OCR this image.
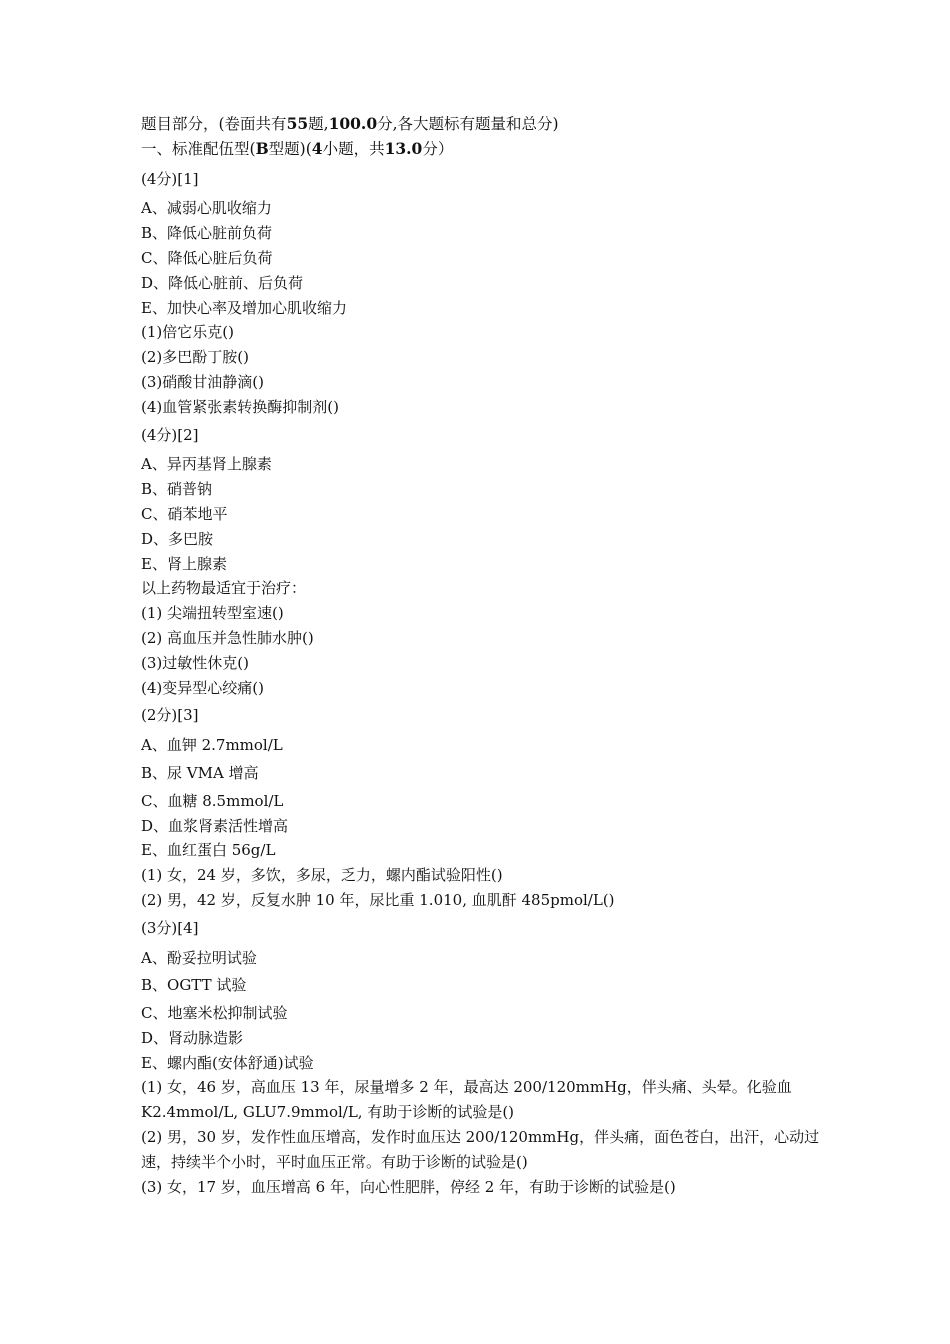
题目部分，(卷面共有55题,100.0分,各大题标有题量和总分)
一、标准配伍型(B型题)(4小题，共13.0分）
(4分)[1]
A、减弱心肌收缩力
B、降低心脏前负荷
C、降低心脏后负荷
D、降低心脏前、后负荷
E、加快心率及增加心肌收缩力
(1)倍它乐克()
(2)多巴酚丁胺()
(3)硝酸甘油静滴()
(4)血管紧张素转换酶抑制剂()
(4分)[2]
A、异丙基肾上腺素
B、硝普钠
C、硝苯地平
D、多巴胺
E、肾上腺素
以上药物最适宜于治疗：
(1) 尖端扭转型室速()
(2) 高血压并急性肺水肿()
(3)过敏性休克()
(4)变异型心绞痛()
(2分)[3]
A、血钾 2.7mmol/L
B、尿 VMA 增高
C、血糖 8.5mmol/L
D、血浆肾素活性增高
E、血红蛋白 56g/L
(1) 女，24 岁，多饮，多尿，乏力，螺内酯试验阳性()
(2) 男，42 岁，反复水肿 10 年，尿比重 1.010, 血肌酐 485pmol/L()
(3分)[4]
A、酚妥拉明试验
B、OGTT 试验
C、地塞米松抑制试验
D、肾动脉造影
E、螺内酯(安体舒通)试验
(1) 女，46 岁，高血压 13 年，尿量增多 2 年，最高达 200/120mmHg，伴头痛、头晕。化验血 K2.4mmol/L, GLU7.9mmol/L, 有助于诊断的试验是()
(2) 男，30 岁，发作性血压增高，发作时血压达 200/120mmHg，伴头痛，面色苍白，出汗，心动过速，持续半个小时，平时血压正常。有助于诊断的试验是()
(3) 女，17 岁，血压增高 6 年，向心性肥胖，停经 2 年，有助于诊断的试验是()
